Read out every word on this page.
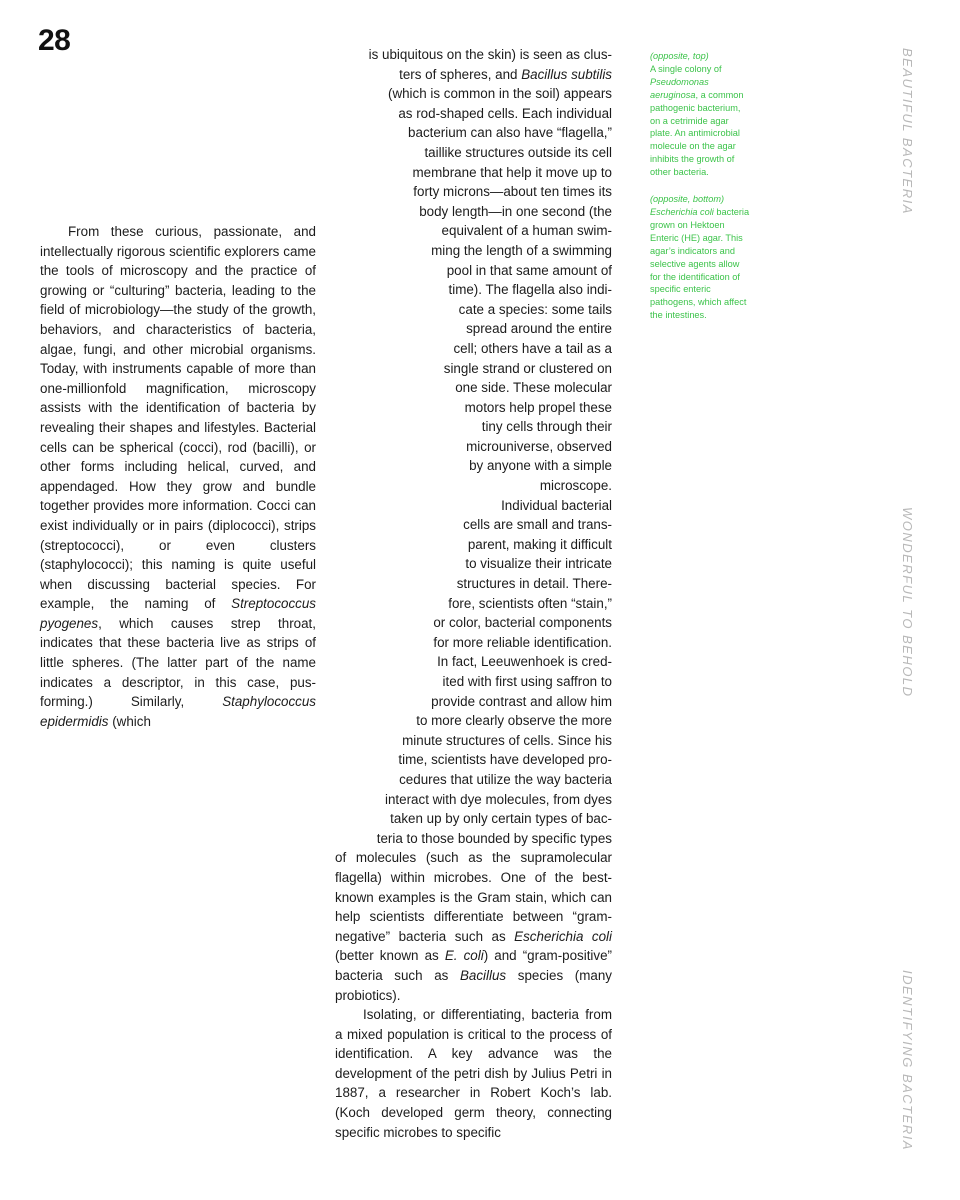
28

From these curious, passionate, and intellectually rigorous scientific explorers came the tools of microscopy and the practice of growing or “culturing” bacteria, leading to the field of microbiology—the study of the growth, behaviors, and characteristics of bacteria, algae, fungi, and other microbial organisms. Today, with instruments capable of more than one-millionfold magnification, microscopy assists with the identification of bacteria by revealing their shapes and lifestyles. Bacterial cells can be spherical (cocci), rod (bacilli), or other forms including helical, curved, and appendaged. How they grow and bundle together provides more information. Cocci can exist individually or in pairs (diplococci), strips (streptococci), or even clusters (staphylococci); this naming is quite useful when discussing bacterial species. For example, the naming of Streptococcus pyogenes, which causes strep throat, indicates that these bacteria live as strips of little spheres. (The latter part of the name indicates a descriptor, in this case, pus-forming.) Similarly, Staphylococcus epidermidis (which

is ubiquitous on the skin) is seen as clus-
ters of spheres, and Bacillus subtilis
(which is common in the soil) appears
as rod-shaped cells. Each individual
bacterium can also have “flagella,”
taillike structures outside its cell
membrane that help it move up to
forty microns—about ten times its
body length—in one second (the
equivalent of a human swim-
ming the length of a swimming
pool in that same amount of
time). The flagella also indi-
cate a species: some tails
spread around the entire
cell; others have a tail as a
single strand or clustered on
one side. These molecular
motors help propel these
tiny cells through their
microuniverse, observed
by anyone with a simple
microscope.
Individual bacterial
cells are small and trans-
parent, making it difficult
to visualize their intricate
structures in detail. There-
fore, scientists often “stain,”
or color, bacterial components
for more reliable identification.
In fact, Leeuwenhoek is cred-
ited with first using saffron to
provide contrast and allow him
to more clearly observe the more
minute structures of cells. Since his
time, scientists have developed pro-
cedures that utilize the way bacteria
interact with dye molecules, from dyes
taken up by only certain types of bac-
teria to those bounded by specific types

of molecules (such as the supramolecular flagella) within microbes. One of the best-known examples is the Gram stain, which can help scientists differentiate between “gram-negative” bacteria such as Escherichia coli (better known as E. coli) and “gram-positive” bacteria such as Bacillus species (many probiotics).

Isolating, or differentiating, bacteria from a mixed population is critical to the process of identification. A key advance was the development of the petri dish by Julius Petri in 1887, a researcher in Robert Koch’s lab. (Koch developed germ theory, connecting specific microbes to specific

(opposite, top)
A single colony of Pseudomonas aeruginosa, a common pathogenic bacterium, on a cetrimide agar plate. An antimicrobial molecule on the agar inhibits the growth of other bacteria.

(opposite, bottom)
Escherichia coli bacteria grown on Hektoen Enteric (HE) agar. This agar’s indicators and selective agents allow for the identification of specific enteric pathogens, which affect the intestines.

BEAUTIFUL BACTERIA
WONDERFUL TO BEHOLD
IDENTIFYING BACTERIA
